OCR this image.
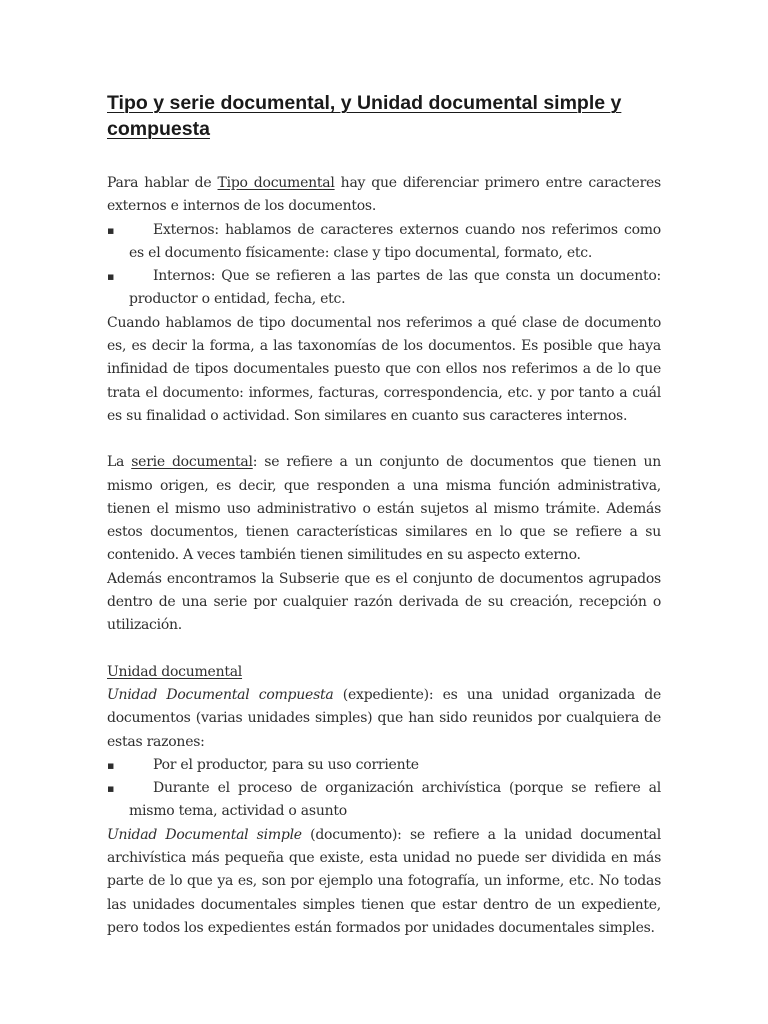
Tipo y serie documental, y Unidad documental simple y compuesta

Para hablar de Tipo documental hay que diferenciar primero entre caracteres externos e internos de los documentos.

▪	Externos: hablamos de caracteres externos cuando nos referimos como es el documento físicamente: clase y tipo documental, formato, etc.
▪	Internos: Que se refieren a las partes de las que consta un documento: productor o entidad, fecha, etc.

Cuando hablamos de tipo documental nos referimos a qué clase de documento es, es decir la forma, a las taxonomías de los documentos. Es posible que haya infinidad de tipos documentales puesto que con ellos nos referimos a de lo que trata el documento: informes, facturas, correspondencia, etc. y por tanto a cuál es su finalidad o actividad. Son similares en cuanto sus caracteres internos.

La serie documental: se refiere a un conjunto de documentos que tienen un mismo origen, es decir, que responden a una misma función administrativa, tienen el mismo uso administrativo o están sujetos al mismo trámite. Además estos documentos, tienen características similares en lo que se refiere a su contenido. A veces también tienen similitudes en su aspecto externo.

Además encontramos la Subserie que es el conjunto de documentos agrupados dentro de una serie por cualquier razón derivada de su creación, recepción o utilización.

Unidad documental

Unidad Documental compuesta (expediente): es una unidad organizada de documentos (varias unidades simples) que han sido reunidos por cualquiera de estas razones:

▪	Por el productor, para su uso corriente
▪	Durante el proceso de organización archivística (porque se refiere al mismo tema, actividad o asunto

Unidad Documental simple (documento): se refiere a la unidad documental archivística más pequeña que existe, esta unidad no puede ser dividida en más parte de lo que ya es, son por ejemplo una fotografía, un informe, etc. No todas las unidades documentales simples tienen que estar dentro de un expediente, pero todos los expedientes están formados por unidades documentales simples.
